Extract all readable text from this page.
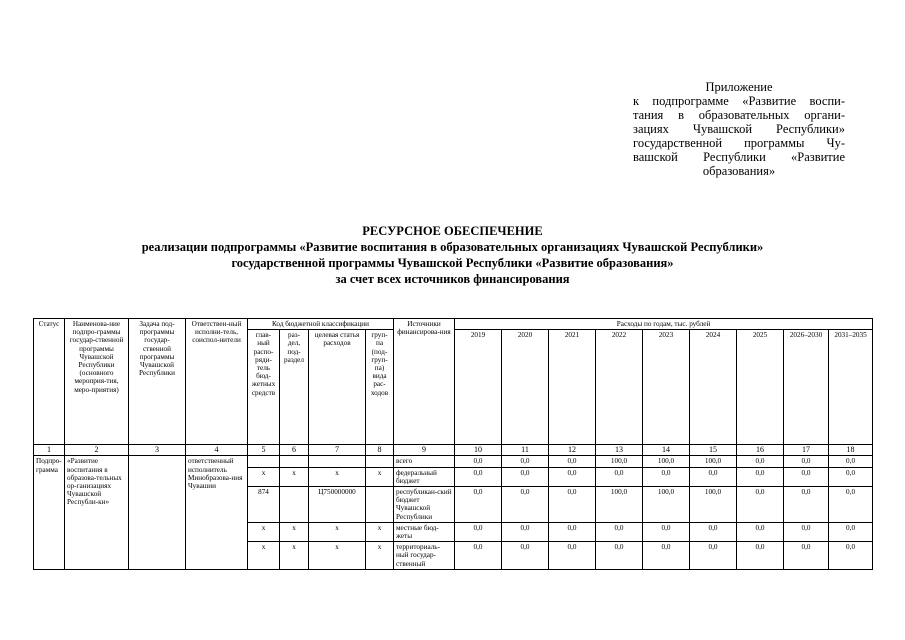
Приложение
к подпрограмме «Развитие воспи-
тания в образовательных органи-
зациях Чувашской Республики»
государственной программы Чу-
вашской Республики «Развитие
образования»
РЕСУРСНОЕ ОБЕСПЕЧЕНИЕ
реализации подпрограммы «Развитие воспитания в образовательных организациях Чувашской Республики»
государственной программы Чувашской Республики «Развитие образования»
за счет всех источников финансирования
Статус	Наименова-ние подпро-граммы государ-ственной программы Чувашской Республики (основного мероприя-тия, меро-приятия)	Задача под-программы государ-ственной программы Чувашской Республики	Ответствен-ный исполни-тель, соиспол-нители	Код бюджетной классификации				Источники финансирова-ния	Расходы по годам, тыс. рублей								
				глав-ный распо-ряди-тель бюд-жетных средств	раз-дел, под-раздел	целевая статья расходов	груп-па (под-груп-па) вида рас-ходов		2019	2020	2021	2022	2023	2024	2025	2026–2030	2031–2035
1	2	3	4	5	6	7	8	9	10	11	12	13	14	15	16	17	18
Подпро-грамма	«Развитие воспитания в образова-тельных ор-ганизациях Чувашской Республи-ки»		ответственный исполнитель Минобразова-ния Чувашии					всего	0,0	0,0	0,0	100,0	100,0	100,0	0,0	0,0	0,0
				x	x	x	x	федеральный бюджет	0,0	0,0	0,0	0,0	0,0	0,0	0,0	0,0	0,0
				874		Ц750000000		республикан-ский бюджет Чувашской Республики	0,0	0,0	0,0	100,0	100,0	100,0	0,0	0,0	0,0
				x	x	x	x	местные бюд-жеты	0,0	0,0	0,0	0,0	0,0	0,0	0,0	0,0	0,0
				x	x	x	x	территориаль-ный государ-ственный	0,0	0,0	0,0	0,0	0,0	0,0	0,0	0,0	0,0
